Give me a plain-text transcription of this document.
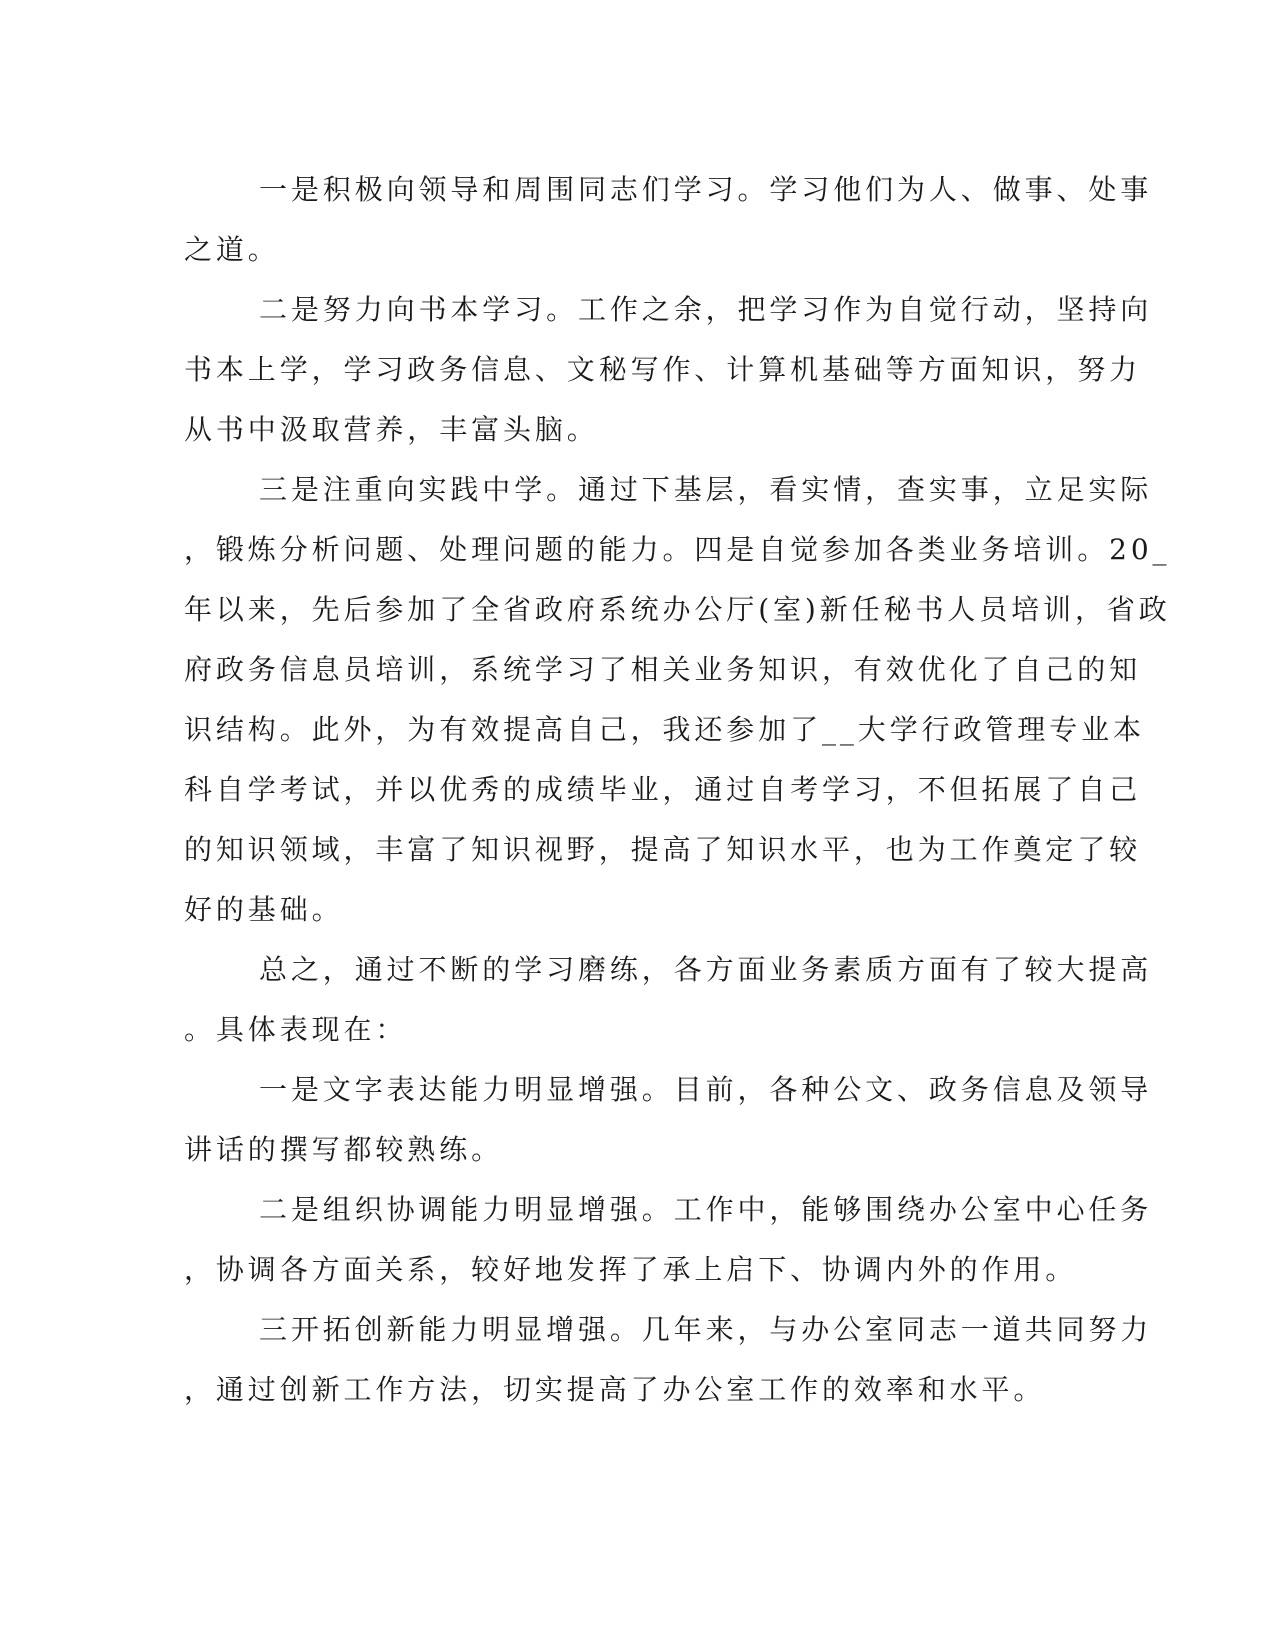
一是积极向领导和周围同志们学习。学习他们为人、做事、处事
之道。
二是努力向书本学习。工作之余，把学习作为自觉行动，坚持向
书本上学，学习政务信息、文秘写作、计算机基础等方面知识，努力
从书中汲取营养，丰富头脑。
三是注重向实践中学。通过下基层，看实情，查实事，立足实际
，锻炼分析问题、处理问题的能力。四是自觉参加各类业务培训。20_
年以来，先后参加了全省政府系统办公厅(室)新任秘书人员培训，省政
府政务信息员培训，系统学习了相关业务知识，有效优化了自己的知
识结构。此外，为有效提高自己，我还参加了__大学行政管理专业本
科自学考试，并以优秀的成绩毕业，通过自考学习，不但拓展了自己
的知识领域，丰富了知识视野，提高了知识水平，也为工作奠定了较
好的基础。
总之，通过不断的学习磨练，各方面业务素质方面有了较大提高
。具体表现在：
一是文字表达能力明显增强。目前，各种公文、政务信息及领导
讲话的撰写都较熟练。
二是组织协调能力明显增强。工作中，能够围绕办公室中心任务
，协调各方面关系，较好地发挥了承上启下、协调内外的作用。
三开拓创新能力明显增强。几年来，与办公室同志一道共同努力
，通过创新工作方法，切实提高了办公室工作的效率和水平。
